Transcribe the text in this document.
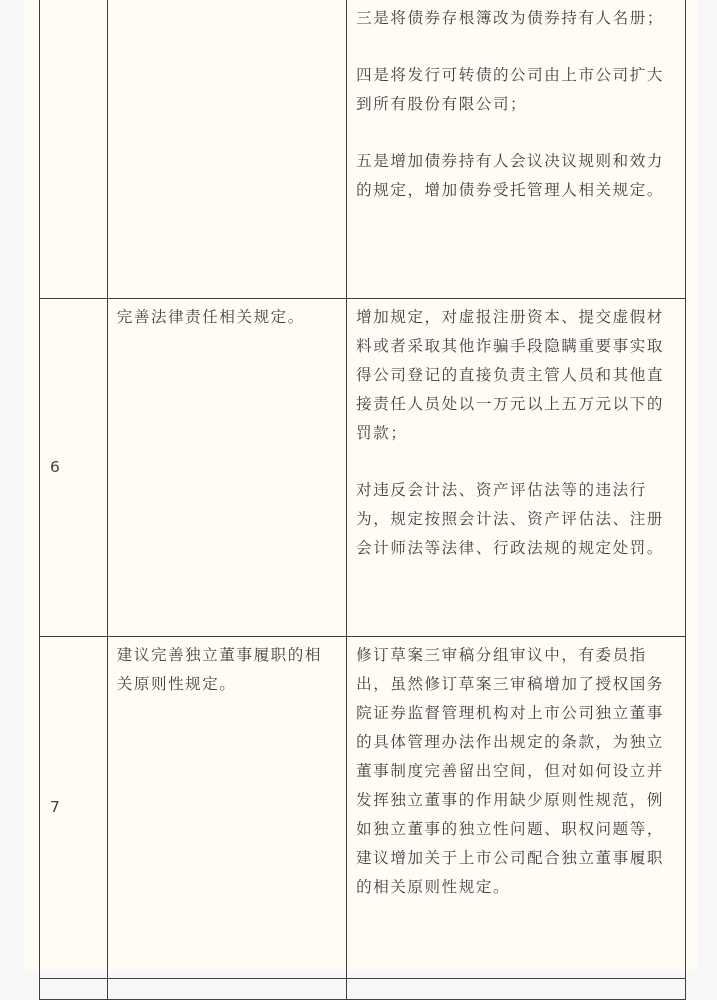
		三是将债券存根簿改为债券持有人名册；

四是将发行可转债的公司由上市公司扩大到所有股份有限公司；

五是增加债券持有人会议决议规则和效力的规定，增加债券受托管理人相关规定。

6	完善法律责任相关规定。	增加规定，对虚报注册资本、提交虚假材料或者采取其他诈骗手段隐瞒重要事实取得公司登记的直接负责主管人员和其他直接责任人员处以一万元以上五万元以下的罚款；

对违反会计法、资产评估法等的违法行为，规定按照会计法、资产评估法、注册会计师法等法律、行政法规的规定处罚。

7	建议完善独立董事履职的相关原则性规定。	修订草案三审稿分组审议中，有委员指出，虽然修订草案三审稿增加了授权国务院证券监督管理机构对上市公司独立董事的具体管理办法作出规定的条款，为独立董事制度完善留出空间，但对如何设立并发挥独立董事的作用缺少原则性规范，例如独立董事的独立性问题、职权问题等，建议增加关于上市公司配合独立董事履职的相关原则性规定。
